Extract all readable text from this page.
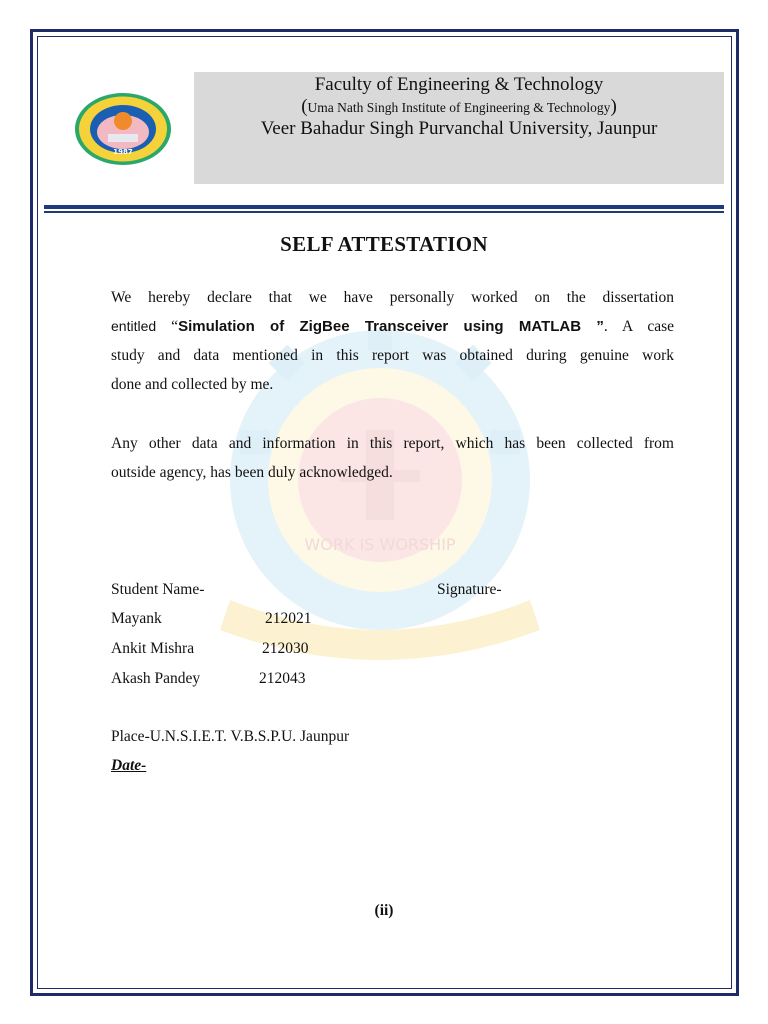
WORK IS WORSHIP
Faculty of Engineering & Technology
(Uma Nath Singh Institute of Engineering & Technology)
Veer Bahadur Singh Purvanchal University, Jaunpur
1987
SELF ATTESTATION
We hereby declare that we have personally worked on the dissertation
entitled “Simulation of ZigBee Transceiver using MATLAB ”. A case
study and data mentioned in this report was obtained during genuine work
done and collected by me.
Any other data and information in this report, which has been collected from
outside agency, has been duly acknowledged.
Student Name-	Signature-
Mayank	212021
Ankit Mishra	212030
Akash Pandey	212043
Place-U.N.S.I.E.T. V.B.S.P.U. Jaunpur
Date-
(ii)
